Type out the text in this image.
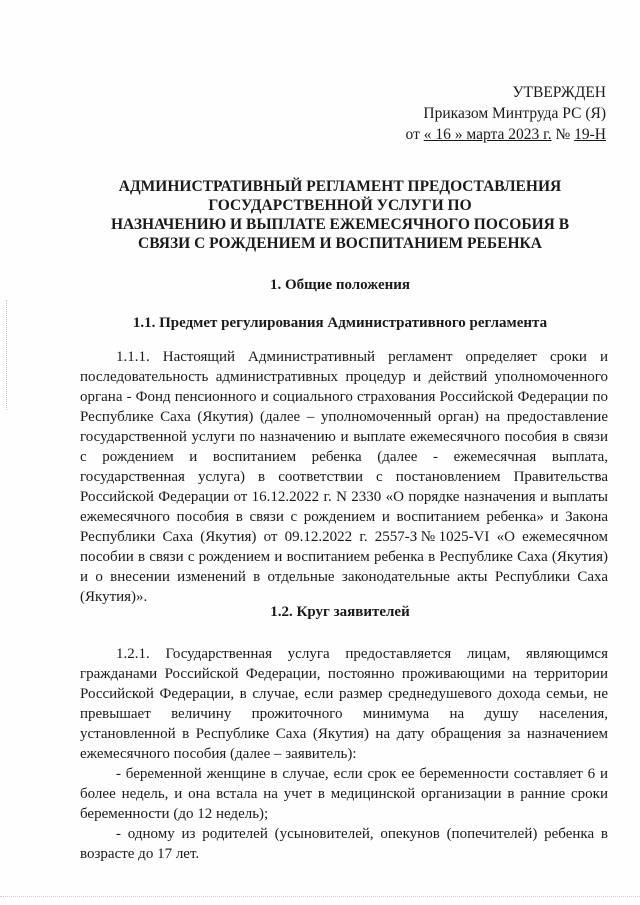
УТВЕРЖДЕН
Приказом Минтруда РС (Я)
от « 16 » марта 2023 г. № 19-Н
АДМИНИСТРАТИВНЫЙ РЕГЛАМЕНТ ПРЕДОСТАВЛЕНИЯ
ГОСУДАРСТВЕННОЙ УСЛУГИ ПО
НАЗНАЧЕНИЮ И ВЫПЛАТЕ ЕЖЕМЕСЯЧНОГО ПОСОБИЯ В
СВЯЗИ С РОЖДЕНИЕМ И ВОСПИТАНИЕМ РЕБЕНКА
1. Общие положения
1.1. Предмет регулирования Административного регламента

1.1.1. Настоящий Административный регламент определяет сроки и последовательность административных процедур и действий уполномоченного органа - Фонд пенсионного и социального страхования Российской Федерации по Республике Саха (Якутия) (далее – уполномоченный орган) на предоставление государственной услуги по назначению и выплате ежемесячного пособия в связи с рождением и воспитанием ребенка (далее - ежемесячная выплата, государственная услуга) в соответствии с постановлением Правительства Российской Федерации от 16.12.2022 г. N 2330 «О порядке назначения и выплаты ежемесячного пособия в связи с рождением и воспитанием ребенка» и Закона Республики Саха (Якутия) от 09.12.2022 г. 2557-З№1025-VI «О ежемесячном пособии в связи с рождением и воспитанием ребенка в Республике Саха (Якутия) и о внесении изменений в отдельные законодательные акты Республики Саха (Якутия)».

1.2. Круг заявителей

1.2.1. Государственная услуга предоставляется лицам, являющимся гражданами Российской Федерации, постоянно проживающими на территории Российской Федерации, в случае, если размер среднедушевого дохода семьи, не превышает величину прожиточного минимума на душу населения, установленной в Республике Саха (Якутия) на дату обращения за назначением ежемесячного пособия (далее – заявитель):

- беременной женщине в случае, если срок ее беременности составляет 6 и более недель, и она встала на учет в медицинской организации в ранние сроки беременности (до 12 недель);

- одному из родителей (усыновителей, опекунов (попечителей) ребенка в возрасте до 17 лет.
